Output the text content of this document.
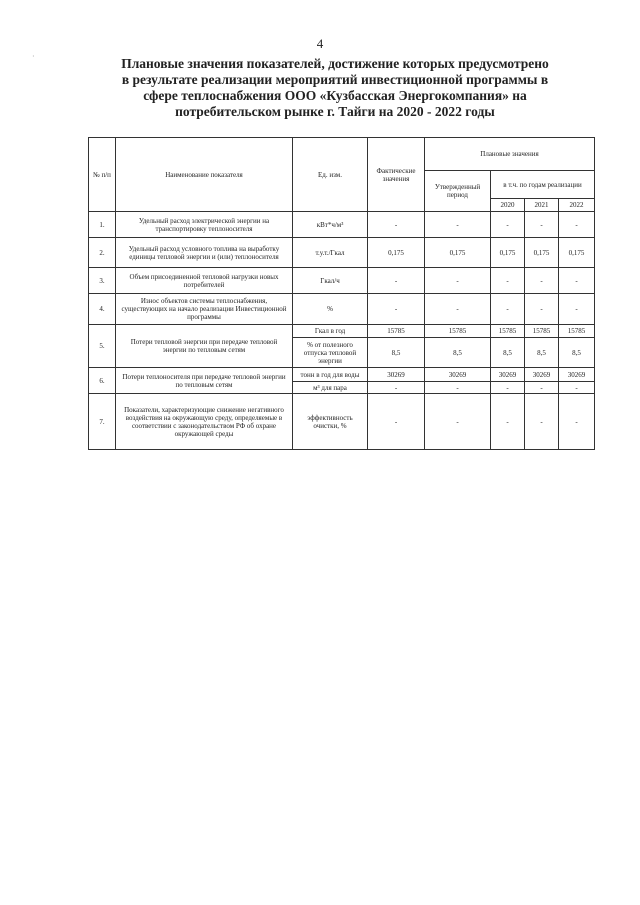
·
4
Плановые значения показателей, достижение которых предусмотрено
в результате реализации мероприятий инвестиционной программы в
сфере теплоснабжения ООО «Кузбасская Энергокомпания» на
потребительском рынке г. Тайги на 2020 - 2022 годы
№ п/п	Наименование показателя	Ед. изм.	Фактические значения	Плановые значения			
				Утвержденный период	в т.ч. по годам реализации		
					2020	2021	2022
1.	Удельный расход электрической энергии на транспортировку теплоносителя	кВт*ч/м³	-	-	-	-	-
2.	Удельный расход условного топлива на выработку единицы тепловой энергии и (или) теплоносителя	т.у.т./Гкал	0,175	0,175	0,175	0,175	0,175
3.	Объем присоединенной тепловой нагрузки новых потребителей	Гкал/ч	-	-	-	-	-
4.	Износ объектов системы теплоснабжения, существующих на начало реализации Инвестиционной программы	%	-	-	-	-	-
5.	Потери тепловой энергии при передаче тепловой энергии по тепловым сетям	Гкал в год	15785	15785	15785	15785	15785
		% от полезного отпуска тепловой энергии	8,5	8,5	8,5	8,5	8,5
6.	Потери теплоносителя при передаче тепловой энергии по тепловым сетям	тонн в год для воды	30269	30269	30269	30269	30269
		м³ для пара	-	-	-	-	-
7.	Показатели, характеризующие снижение негативного воздействия на окружающую среду, определяемые в соответствии с законодательством РФ об охране окружающей среды	эффективность очистки, %	-	-	-	-	-
